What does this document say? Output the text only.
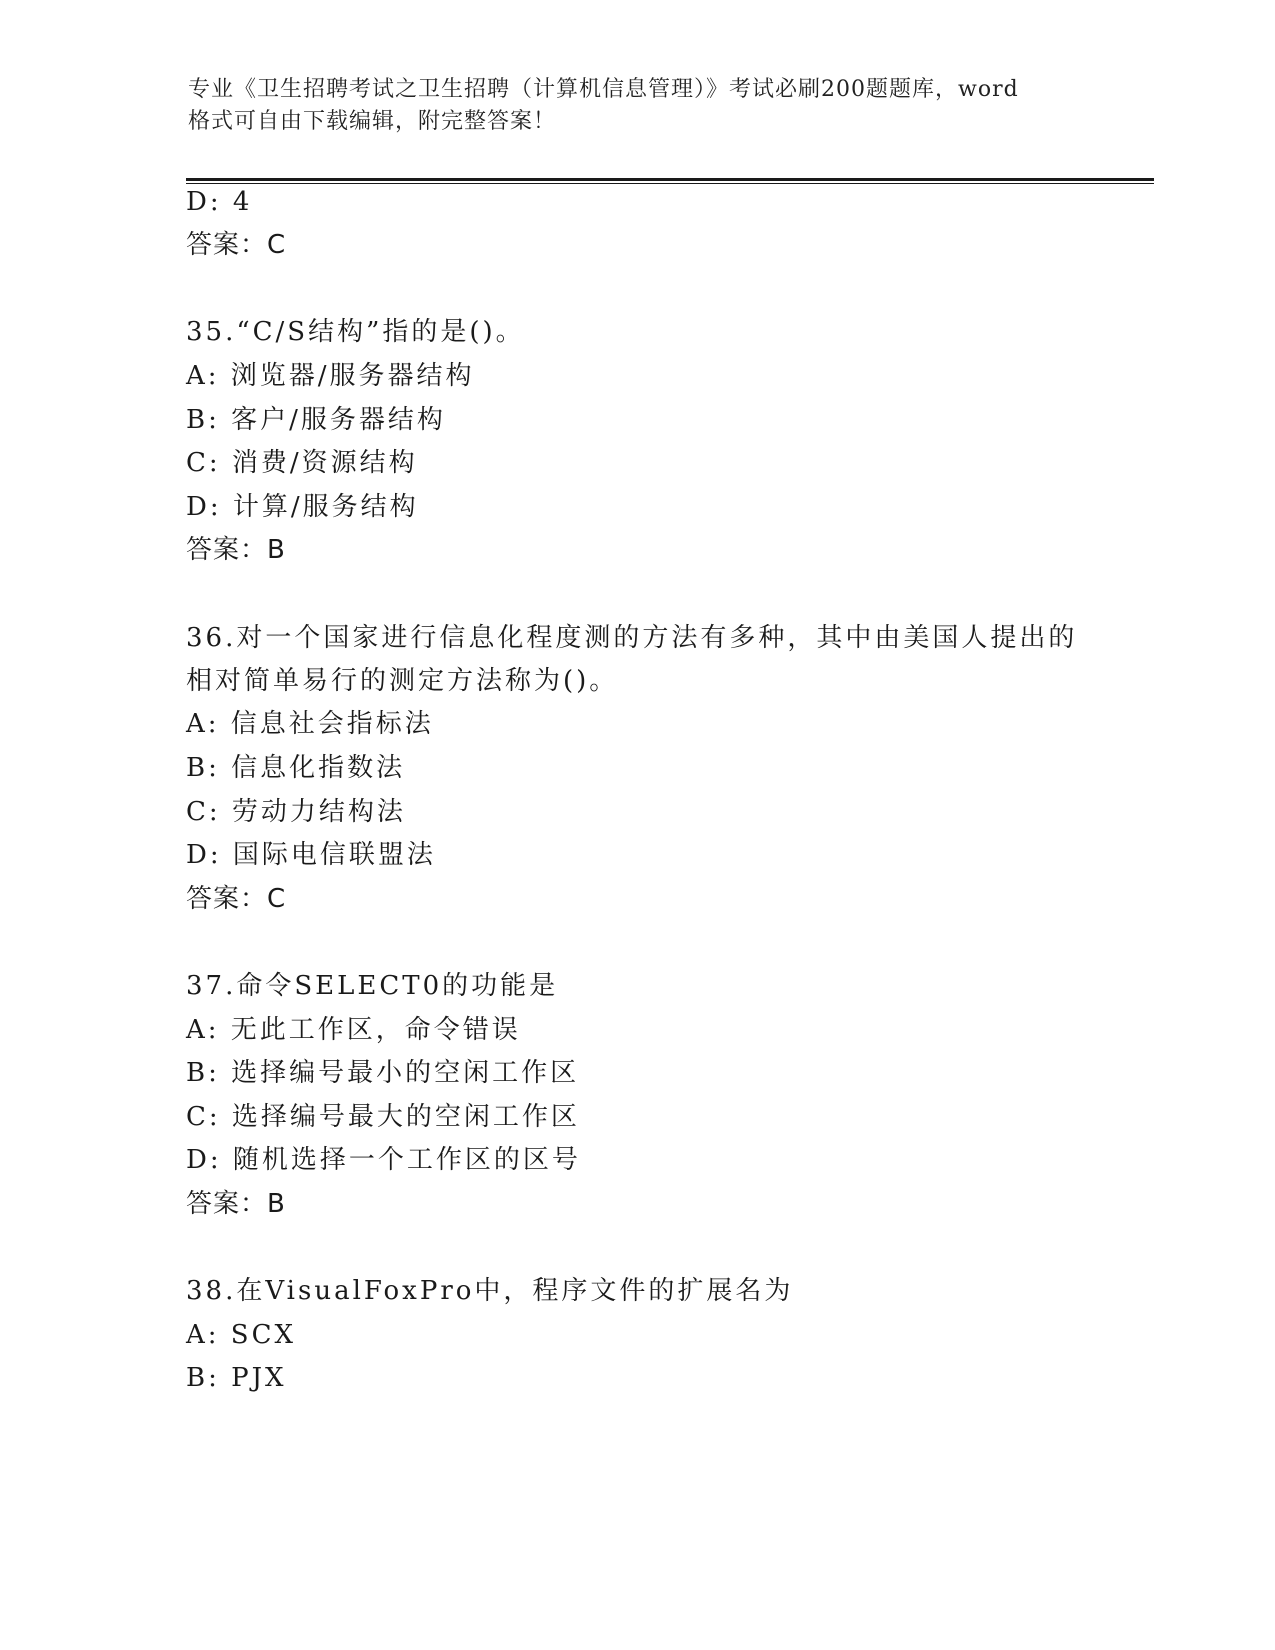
专业《卫生招聘考试之卫生招聘（计算机信息管理）》考试必刷200题题库，word
格式可自由下载编辑，附完整答案！
D: 4
答案：C
35.“C/S结构”指的是()。
A: 浏览器/服务器结构
B: 客户/服务器结构
C: 消费/资源结构
D: 计算/服务结构
答案：B
36.对一个国家进行信息化程度测的方法有多种，其中由美国人提出的
相对简单易行的测定方法称为()。
A: 信息社会指标法
B: 信息化指数法
C: 劳动力结构法
D: 国际电信联盟法
答案：C
37.命令SELECT0的功能是
A: 无此工作区，命令错误
B: 选择编号最小的空闲工作区
C: 选择编号最大的空闲工作区
D: 随机选择一个工作区的区号
答案：B
38.在VisualFoxPro中，程序文件的扩展名为
A: SCX
B: PJX
